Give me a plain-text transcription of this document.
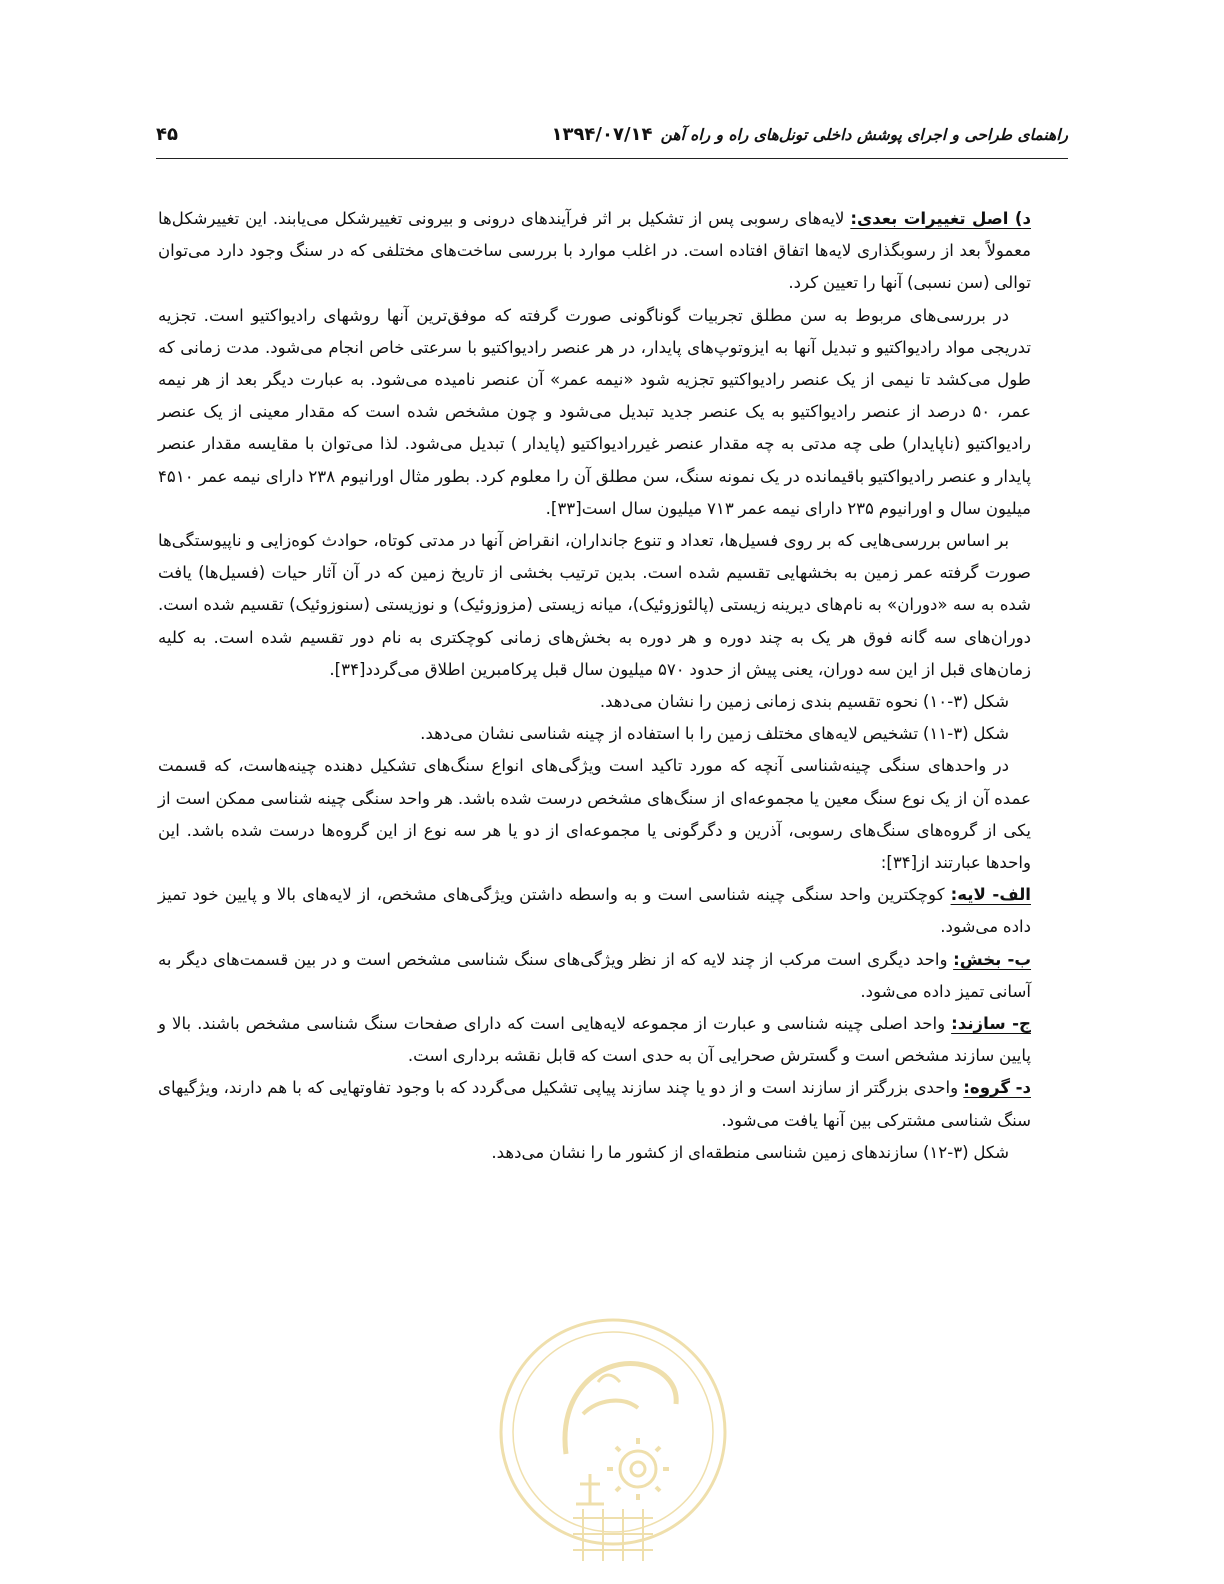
راهنمای طراحی و اجرای پوشش داخلی تونل‌های راه و راه آهن
۱۳۹۴/۰۷/۱۴
۴۵

د) اصل تغییرات بعدی: لایه‌های رسوبی پس از تشکیل بر اثر فرآیندهای درونی و بیرونی تغییرشکل می‌یابند. این تغییرشکل‌ها معمولاً بعد از رسوبگذاری لایه‌ها اتفاق افتاده است. در اغلب موارد با بررسی ساخت‌های مختلفی که در سنگ وجود دارد می‌توان توالی (سن نسبی) آنها را تعیین کرد.

در بررسی‌های مربوط به سن مطلق تجربیات گوناگونی صورت گرفته که موفق‌ترین آنها روشهای رادیواکتیو است. تجزیه تدریجی مواد رادیواکتیو و تبدیل آنها به ایزوتوپ‌های پایدار، در هر عنصر رادیواکتیو با سرعتی خاص انجام می‌شود. مدت زمانی که طول می‌کشد تا نیمی از یک عنصر رادیواکتیو تجزیه شود «نیمه عمر» آن عنصر نامیده می‌شود. به عبارت دیگر بعد از هر نیمه عمر، ۵۰ درصد از عنصر رادیواکتیو به یک عنصر جدید تبدیل می‌شود و چون مشخص شده است که مقدار معینی از یک عنصر رادیواکتیو (ناپایدار) طی چه مدتی به چه مقدار عنصر غیررادیواکتیو (پایدار ) تبدیل می‌شود. لذا می‌توان با مقایسه مقدار عنصر پایدار و عنصر رادیواکتیو باقیمانده در یک نمونه سنگ، سن مطلق آن را معلوم کرد. بطور مثال اورانیوم ۲۳۸ دارای نیمه عمر ۴۵۱۰ میلیون سال و اورانیوم ۲۳۵ دارای نیمه عمر ۷۱۳ میلیون سال است[۳۳].

بر اساس بررسی‌هایی که بر روی فسیل‌ها، تعداد و تنوع جانداران، انقراض آنها در مدتی کوتاه، حوادث کوه‌زایی و ناپیوستگی‌ها صورت گرفته عمر زمین به بخشهایی تقسیم شده است. بدین ترتیب بخشی از تاریخ زمین که در آن آثار حیات (فسیل‌ها) یافت شده به سه «دوران» به نام‌های دیرینه زیستی (پالئوزوئیک)، میانه زیستی (مزوزوئیک) و نوزیستی (سنوزوئیک) تقسیم شده است. دوران‌های سه گانه فوق هر یک به چند دوره و هر دوره به بخش‌های زمانی کوچکتری به نام دور تقسیم شده است. به کلیه زمان‌های قبل از این سه دوران، یعنی پیش از حدود ۵۷۰ میلیون سال قبل پرکامبرین اطلاق می‌گردد[۳۴].

شکل (۳-۱۰) نحوه تقسیم بندی زمانی زمین را نشان می‌دهد.

شکل (۳-۱۱) تشخیص لایه‌های مختلف زمین را با استفاده از چینه شناسی نشان می‌دهد.

در واحدهای سنگی چینه‌شناسی آنچه که مورد تاکید است ویژگی‌های انواع سنگ‌های تشکیل دهنده چینه‌هاست، که قسمت عمده آن از یک نوع سنگ معین یا مجموعه‌ای از سنگ‌های مشخص درست شده باشد. هر واحد سنگی چینه شناسی ممکن است از یکی از گروه‌های سنگ‌های رسوبی، آذرین و دگرگونی یا مجموعه‌ای از دو یا هر سه نوع از این گروه‌ها درست شده باشد. این واحدها عبارتند از[۳۴]:

الف- لایه: کوچکترین واحد سنگی چینه شناسی است و به واسطه داشتن ویژگی‌های مشخص، از لایه‌های بالا و پایین خود تمیز داده می‌شود.

ب- بخش: واحد دیگری است مرکب از چند لایه که از نظر ویژگی‌های سنگ شناسی مشخص است و در بین قسمت‌های دیگر به آسانی تمیز داده می‌شود.

ج- سازند: واحد اصلی چینه شناسی و عبارت از مجموعه لایه‌هایی است که دارای صفحات سنگ شناسی مشخص باشند. بالا و پایین سازند مشخص است و گسترش صحرایی آن به حدی است که قابل نقشه برداری است.

د- گروه: واحدی بزرگتر از سازند است و از دو یا چند سازند پیاپی تشکیل می‌گردد که با وجود تفاوتهایی که با هم دارند، ویژگیهای سنگ شناسی مشترکی بین آنها یافت می‌شود.

شکل (۳-۱۲) سازندهای زمین شناسی منطقه‌ای از کشور ما را نشان می‌دهد.
